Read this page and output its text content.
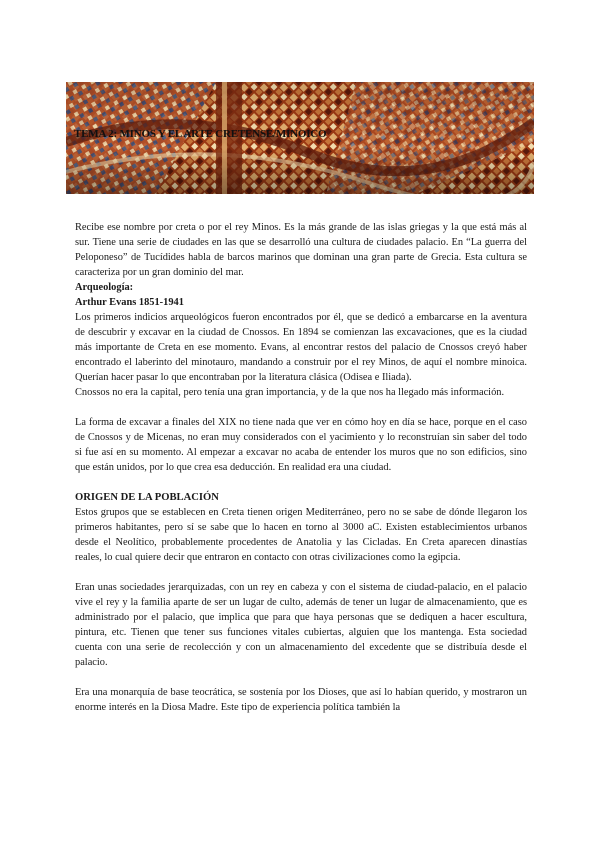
TEMA 2: MINOS Y EL ARTE CRETENSE/MINOICO

Recibe ese nombre por creta o por el rey Minos. Es la más grande de las islas griegas y la que está más al sur. Tiene una serie de ciudades en las que se desarrolló una cultura de ciudades palacio. En “La guerra del Peloponeso” de Tucídides habla de barcos marinos que dominan una gran parte de Grecia. Esta cultura se caracteriza por un gran dominio del mar.

Arqueología:

Arthur Evans 1851-1941

Los primeros indicios arqueológicos fueron encontrados por él, que se dedicó a embarcarse en la aventura de descubrir y excavar en la ciudad de Cnossos. En 1894 se comienzan las excavaciones, que es la ciudad más importante de Creta en ese momento. Evans, al encontrar restos del palacio de Cnossos creyó haber encontrado el laberinto del minotauro, mandando a construir por el rey Minos, de aquí el nombre minoica. Querían hacer pasar lo que encontraban por la literatura clásica (Odisea e Iliada).

Cnossos no era la capital, pero tenía una gran importancia, y de la que nos ha llegado más información.

La forma de excavar a finales del XIX no tiene nada que ver en cómo hoy en día se hace, porque en el caso de Cnossos y de Micenas, no eran muy considerados con el yacimiento y lo reconstruían sin saber del todo si fue así en su momento. Al empezar a excavar no acaba de entender los muros que no son edificios, sino que están unidos, por lo que crea esa deducción. En realidad era una ciudad.

ORIGEN DE LA POBLACIÓN

Estos grupos que se establecen en Creta tienen origen Mediterráneo, pero no se sabe de dónde llegaron los primeros habitantes, pero sí se sabe que lo hacen en torno al 3000 aC. Existen establecimientos urbanos desde el Neolítico, probablemente procedentes de Anatolia y las Cicladas. En Creta aparecen dinastías reales, lo cual quiere decir que entraron en contacto con otras civilizaciones como la egipcia.

Eran unas sociedades jerarquizadas, con un rey en cabeza y con el sistema de ciudad-palacio, en el palacio vive el rey y la familia aparte de ser un lugar de culto, además de tener un lugar de almacenamiento, que es administrado por el palacio, que implica que para que haya personas que se dediquen a hacer escultura, pintura, etc. Tienen que tener sus funciones vitales cubiertas, alguien que los mantenga. Esta sociedad cuenta con una serie de recolección y con un almacenamiento del excedente que se distribuía desde el palacio.

Era una monarquía de base teocrática, se sostenía por los Dioses, que así lo habían querido, y mostraron un enorme interés en la Diosa Madre. Este tipo de experiencia política también la
